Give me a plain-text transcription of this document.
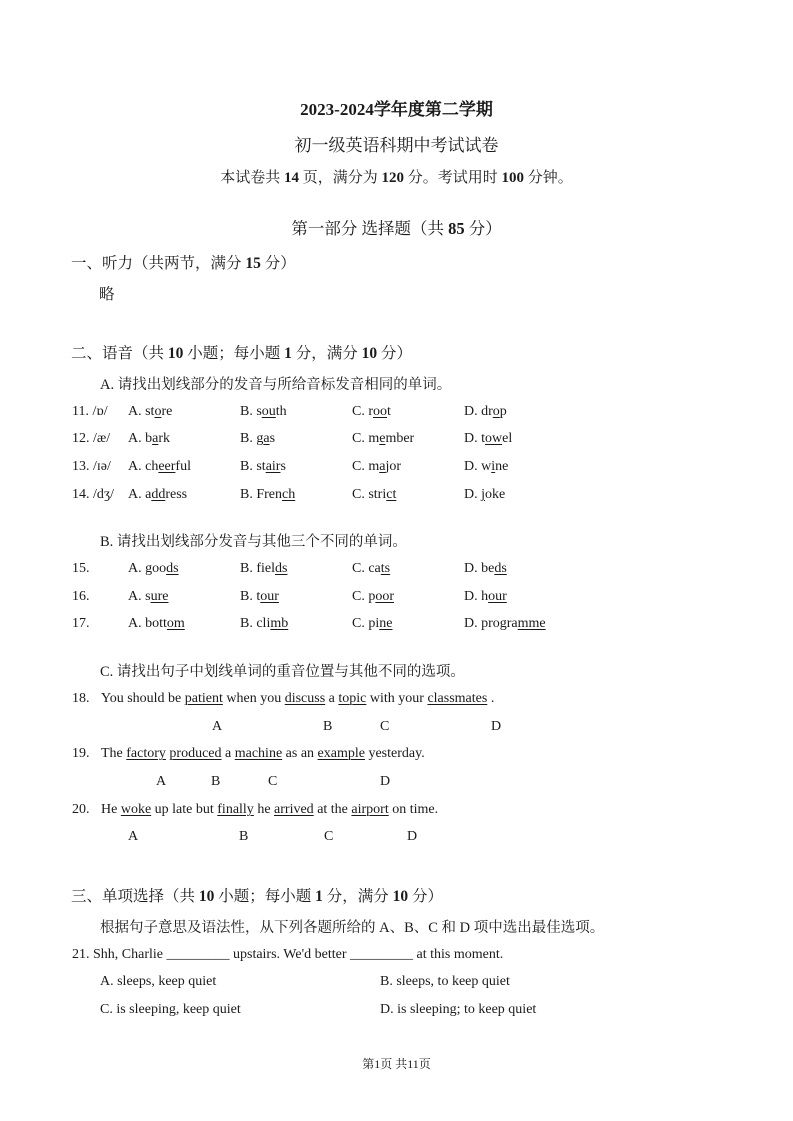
2023-2024学年度第二学期
初一级英语科期中考试试卷
本试卷共 14 页，满分为 120 分。考试用时 100 分钟。
第一部分 选择题（共 85 分）
一、听力（共两节，满分 15 分）
略
二、语音（共 10 小题；每小题 1 分，满分 10 分）
A. 请找出划线部分的发音与所给音标发音相同的单词。
11. /ɒ/ A. store	B. south	C. root	D. drop
12. /æ/ A. bark	B. gas	C. member	D. towel
13. /ɪə/ A. cheerful	B. stairs	C. major	D. wine
14. /dʒ/ A. address	B. French	C. strict	D. joke
B. 请找出划线部分发音与其他三个不同的单词。
15.	A. goods	B. fields	C. cats	D. beds
16.	A. sure	B. tour	C. poor	D. hour
17.	A. bottom	B. climb	C. pine	D. programme
C. 请找出句子中划线单词的重音位置与其他不同的选项。
18. You should be patient when you discuss a topic with your classmates .
A	B	C	D
19. The factory produced a machine as an example yesterday.
A	B	C	D
20. He woke up late but finally he arrived at the airport on time.
A	B	C	D
三、单项选择（共 10 小题；每小题 1 分，满分 10 分）
根据句子意思及语法性，从下列各题所给的 A、B、C 和 D 项中选出最佳选项。
21. Shh, Charlie _________ upstairs. We'd better _________ at this moment.
A. sleeps, keep quiet	B. sleeps, to keep quiet
C. is sleeping, keep quiet	D. is sleeping; to keep quiet
第1页 共11页
